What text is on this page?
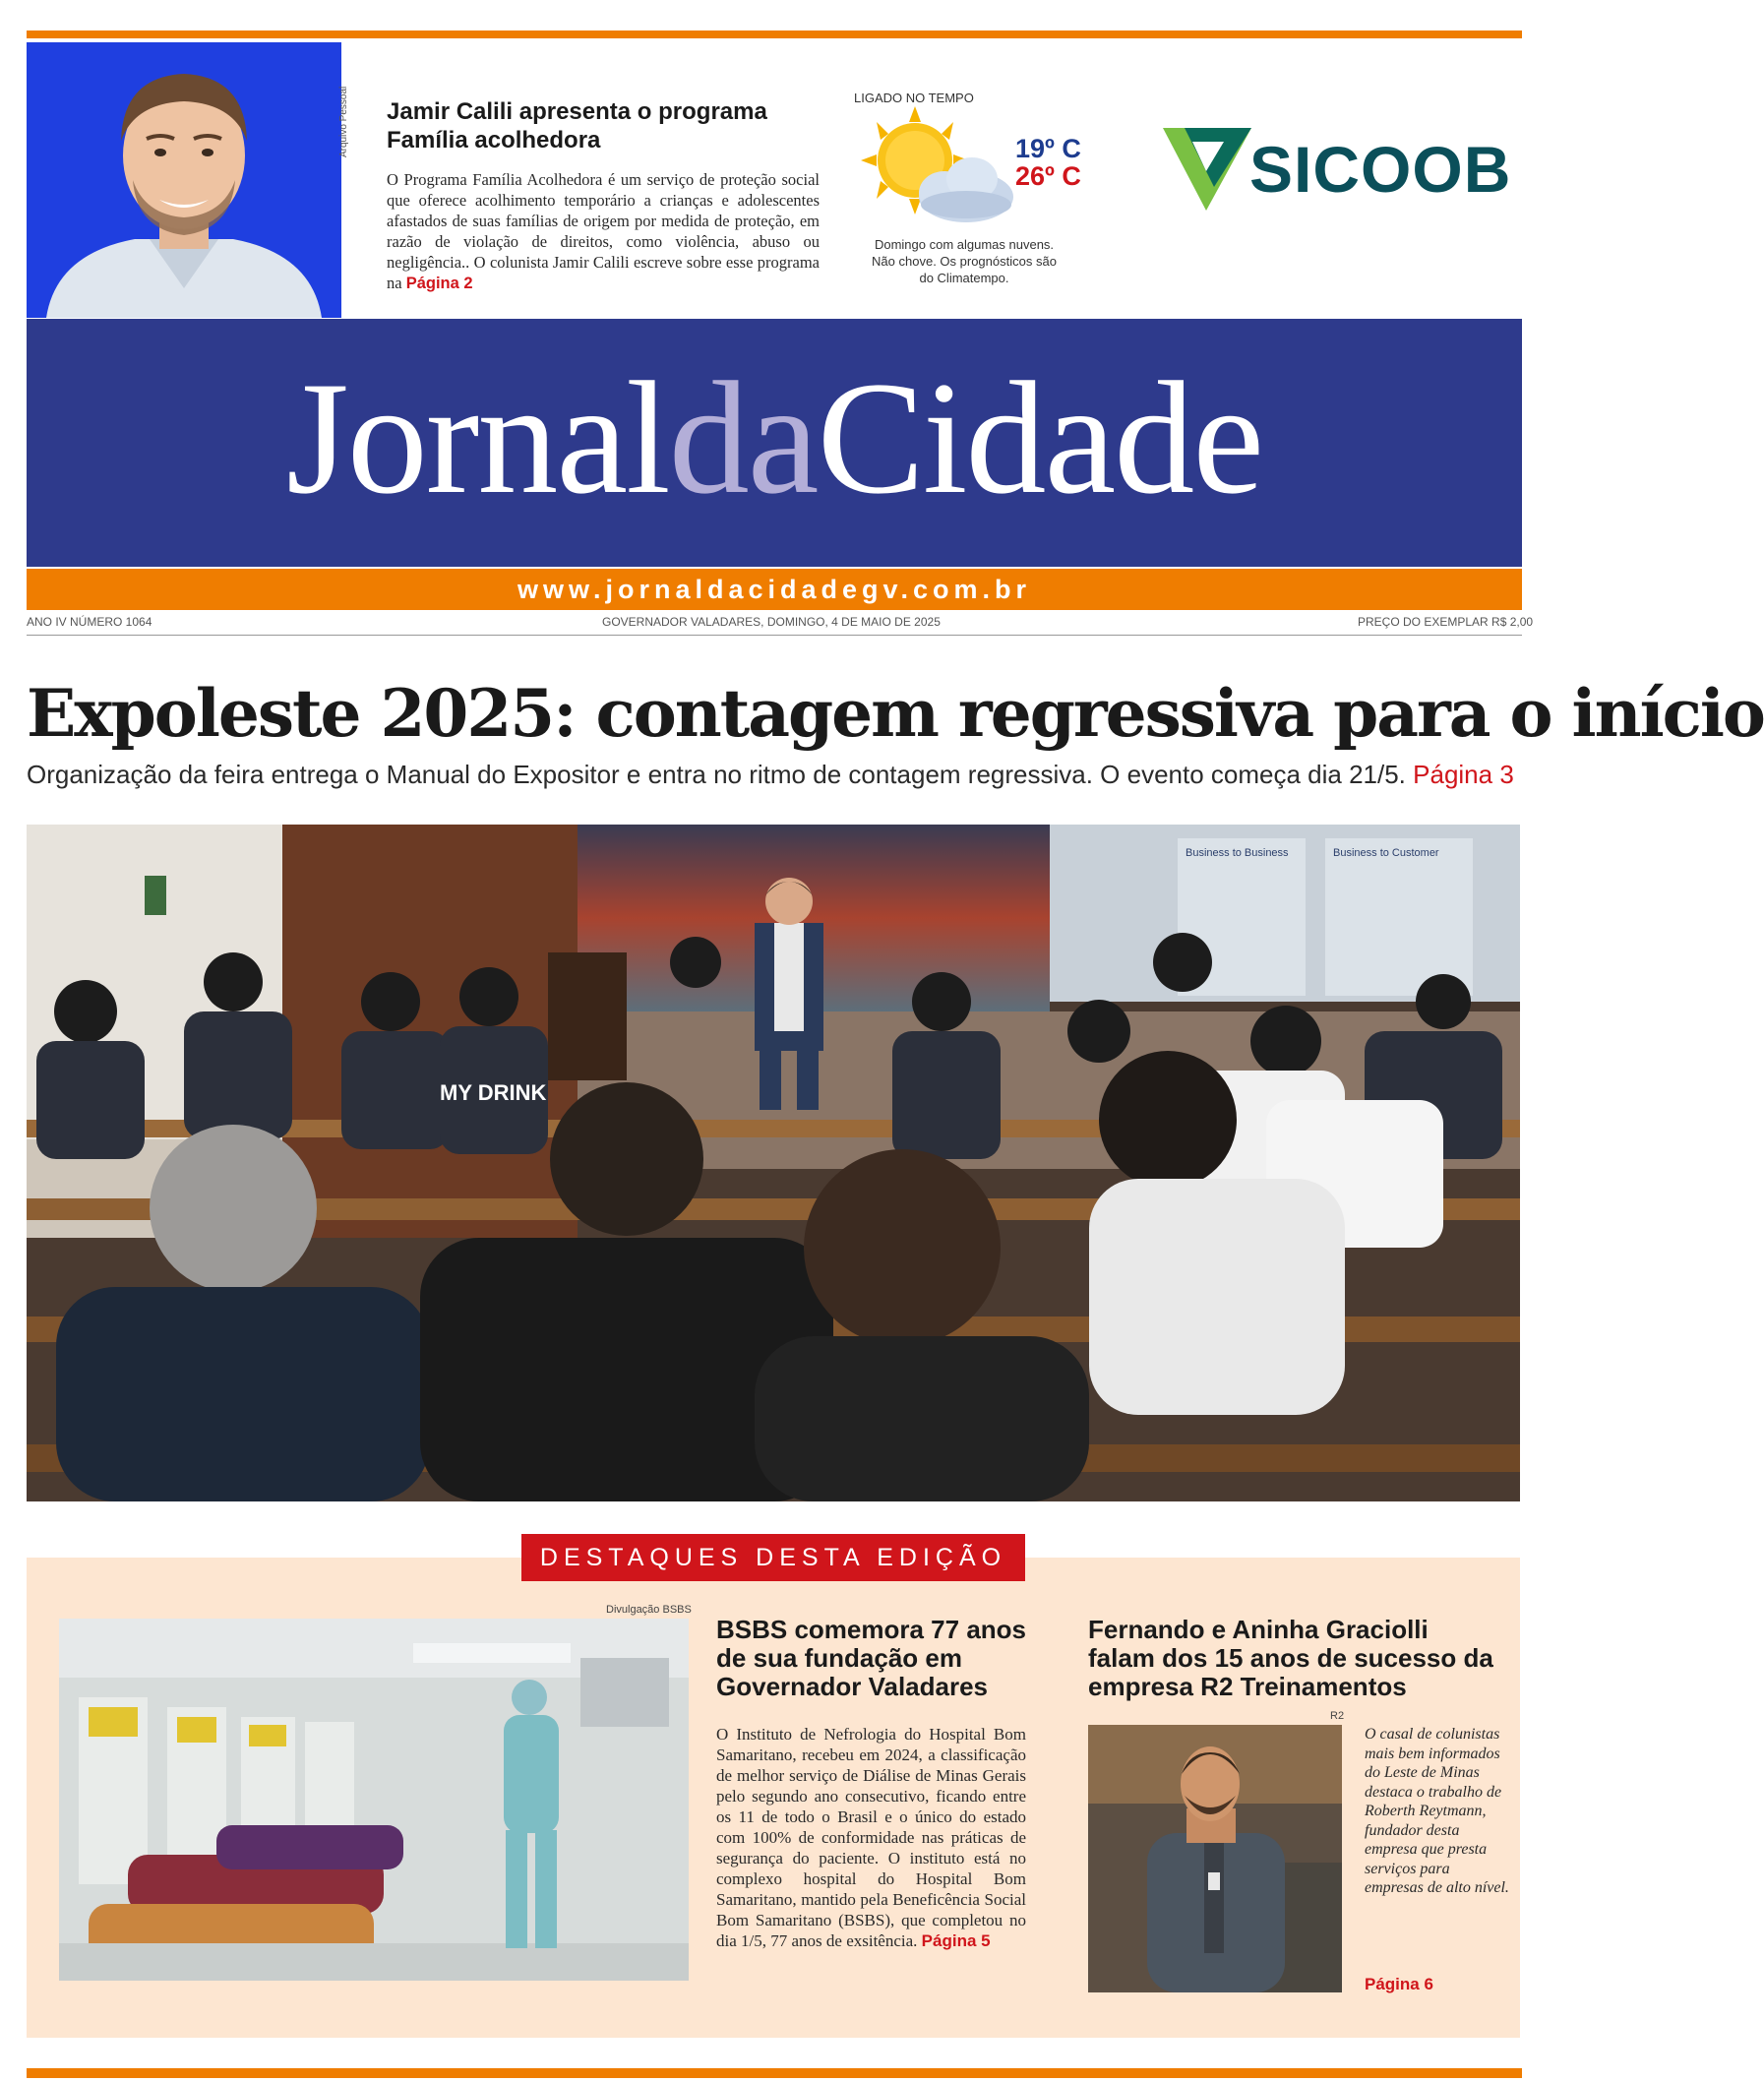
Arquivo Pessoal Jamir Calili apresenta o programa Família acolhedora
O Programa Família Acolhedora é um serviço de proteção social que oferece acolhimento temporário a crianças e adolescentes afastados de suas famílias de origem por medida de proteção, em razão de violação de direitos, como violência, abuso ou negligência.. O colunista Jamir Calili escreve sobre esse programa na Página 2
LIGADO NO TEMPO
19º C
26º C
Domingo com algumas nuvens. Não chove. Os prognósticos são do Climatempo.
SICOOB
JornaldaCidade
www.jornaldacidadegv.com.br
ANO IV NÚMERO 1064	GOVERNADOR VALADARES, DOMINGO, 4 DE MAIO DE 2025	PREÇO DO EXEMPLAR R$ 2,00
Expoleste 2025: contagem regressiva para o início
Organização da feira entrega o Manual do Expositor e entra no ritmo de contagem regressiva. O evento começa dia 21/5. Página 3
Business to Business	Business to Customer
MY DRINK
DESTAQUES DESTA EDIÇÃO
Divulgação BSBS
BSBS comemora 77 anos de sua fundação em Governador Valadares
O Instituto de Nefrologia do Hospital Bom Samaritano, recebeu em 2024, a classificação de melhor serviço de Diálise de Minas Gerais pelo segundo ano consecutivo, ficando entre os 11 de todo o Brasil e o único do estado com 100% de conformidade nas práticas de segurança do paciente. O instituto está no complexo hospital do Hospital Bom Samaritano, mantido pela Beneficência Social Bom Samaritano (BSBS), que completou no dia 1/5, 77 anos de exsitência. Página 5
Fernando e Aninha Graciolli falam dos 15 anos de sucesso da empresa R2 Treinamentos
R2
O casal de colunistas mais bem informados do Leste de Minas destaca o trabalho de Roberth Reytmann, fundador desta empresa que presta serviços para empresas de alto nível.
Página 6
